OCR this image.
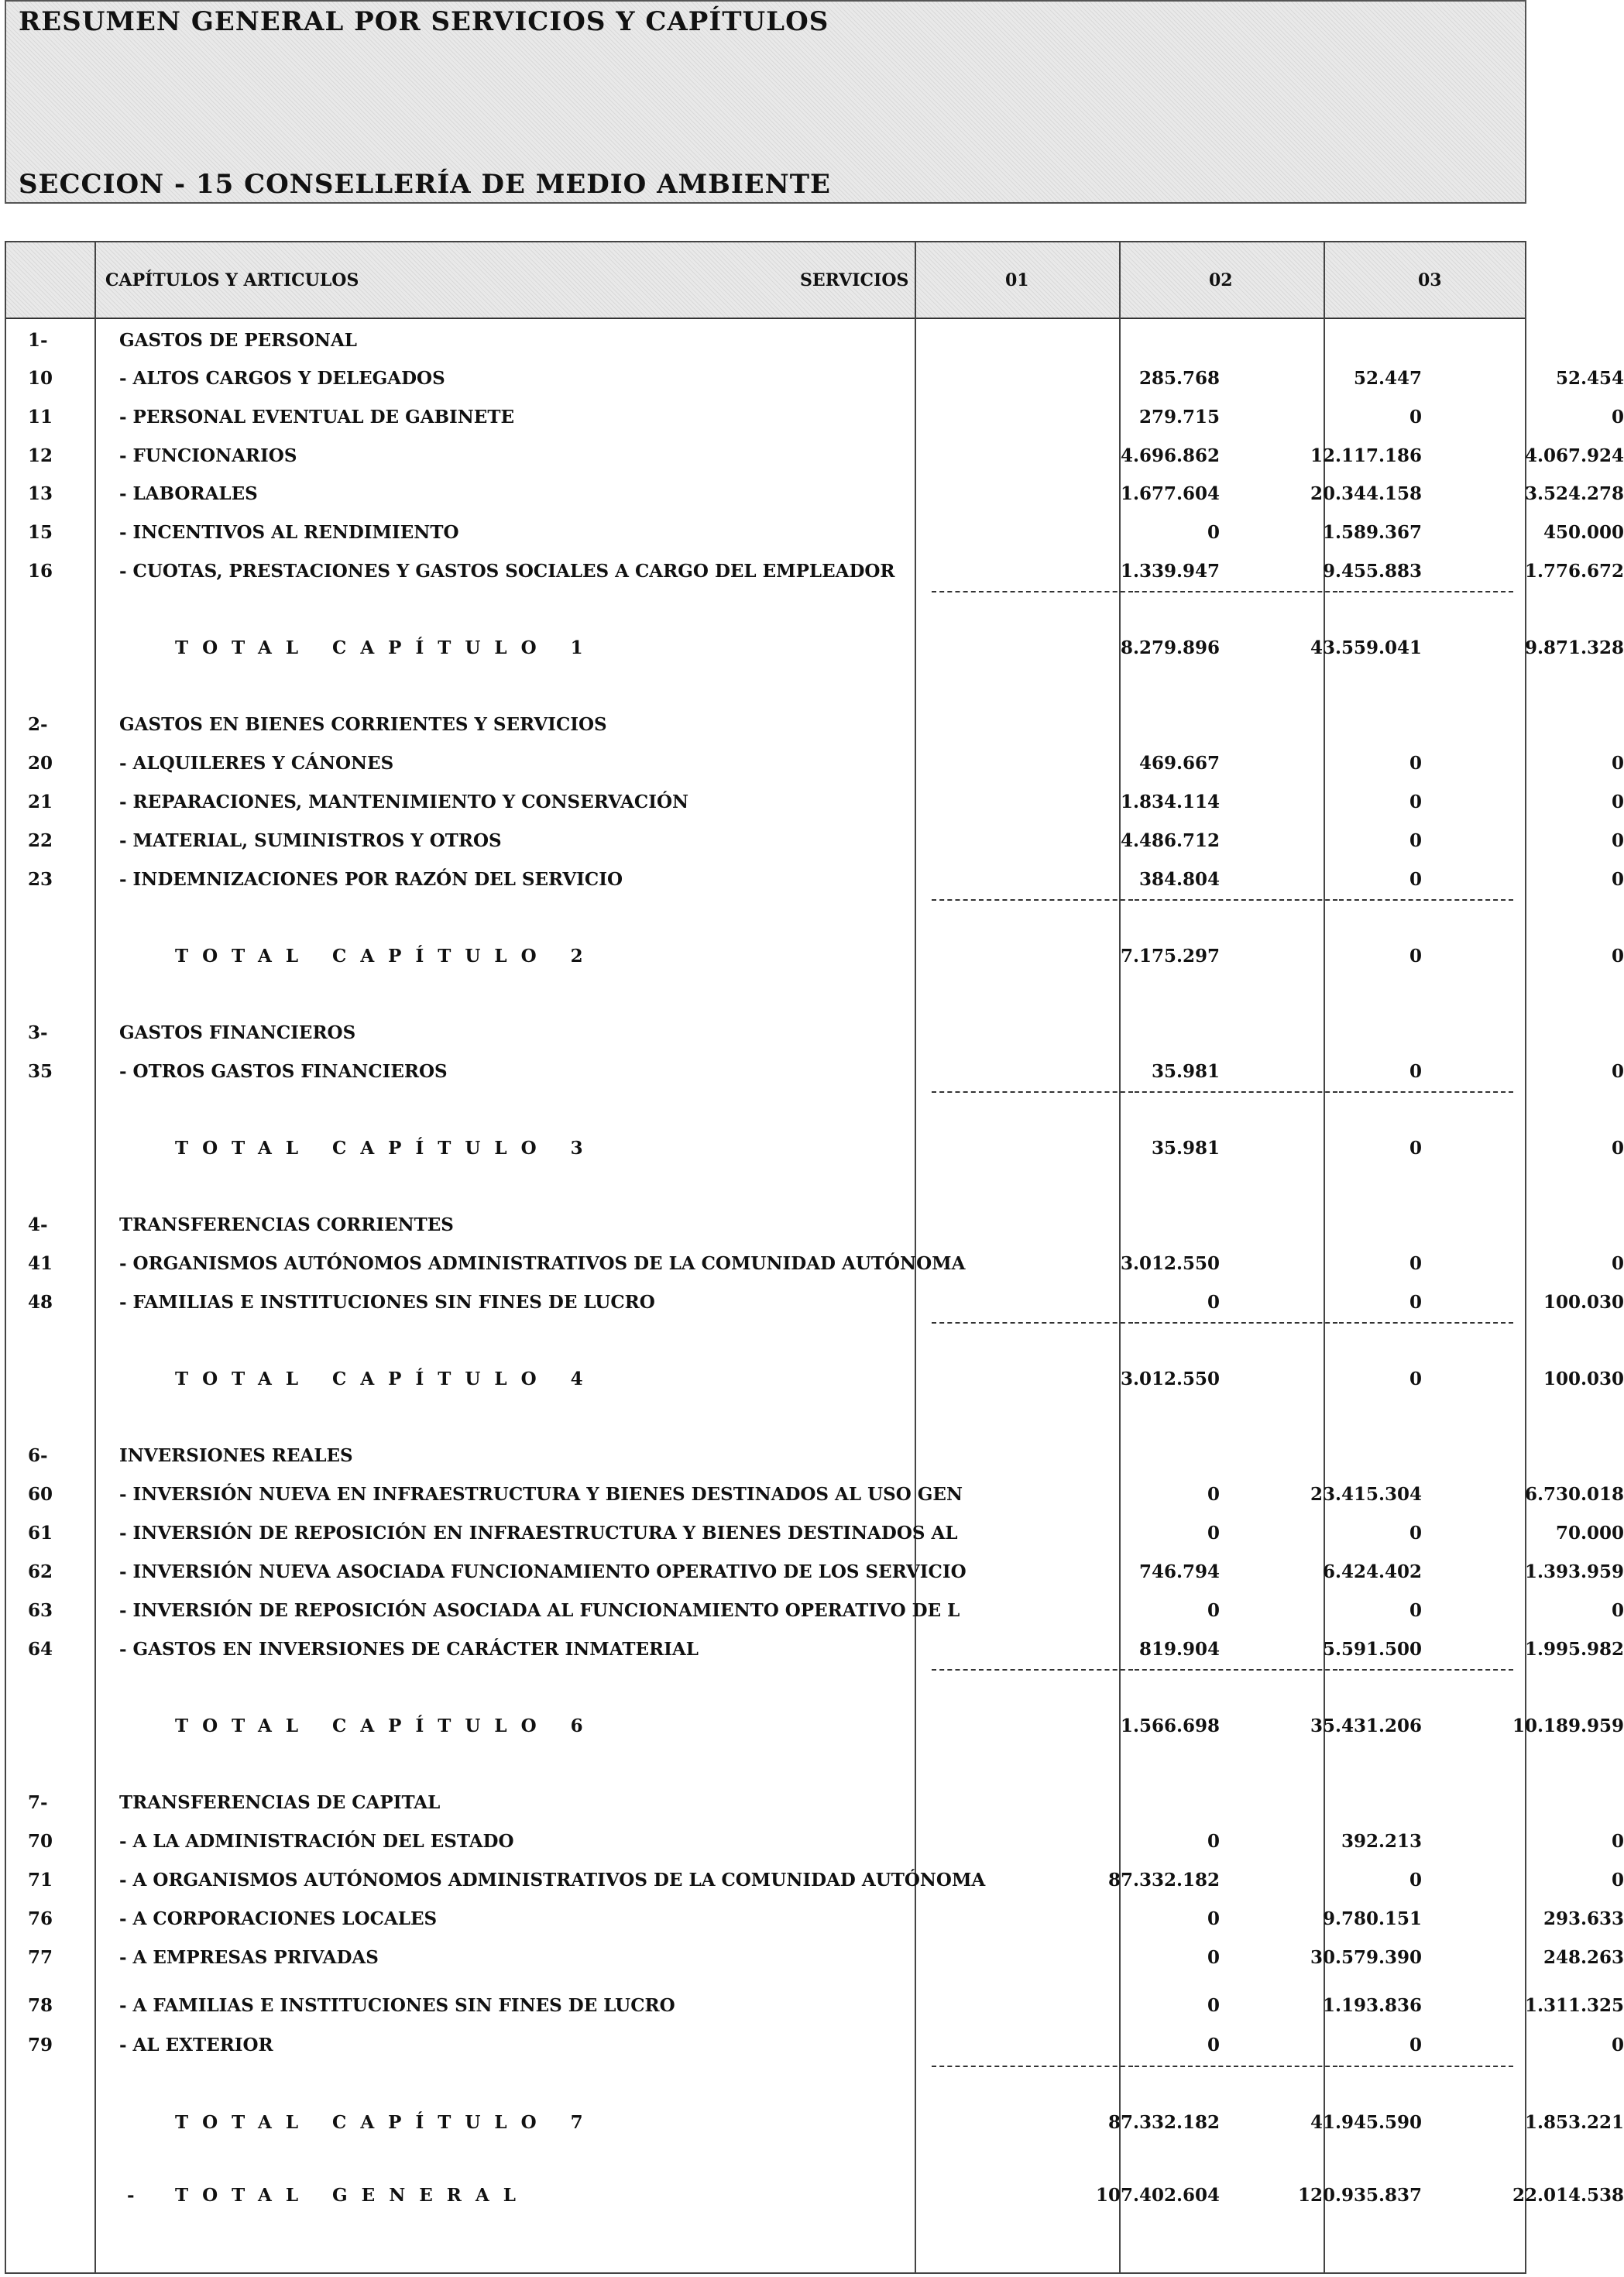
RESUMEN GENERAL POR SERVICIOS Y CAPÍTULOS
SECCION - 15 CONSELLERÍA DE MEDIO AMBIENTE
CAPÍTULOS Y ARTICULOS	SERVICIOS	01	02	03
1-	GASTOS DE PERSONAL
10	- ALTOS CARGOS Y DELEGADOS	285.768	52.447	52.454
11	- PERSONAL EVENTUAL DE GABINETE	279.715	0	0
12	- FUNCIONARIOS	4.696.862	12.117.186	4.067.924
13	- LABORALES	1.677.604	20.344.158	3.524.278
15	- INCENTIVOS AL RENDIMIENTO	0	1.589.367	450.000
16	- CUOTAS, PRESTACIONES Y GASTOS SOCIALES A CARGO DEL EMPLEADOR	1.339.947	9.455.883	1.776.672
TOTAL CAPÍTULO 1	8.279.896	43.559.041	9.871.328
2-	GASTOS EN BIENES CORRIENTES Y SERVICIOS
20	- ALQUILERES Y CÁNONES	469.667	0	0
21	- REPARACIONES, MANTENIMIENTO Y CONSERVACIÓN	1.834.114	0	0
22	- MATERIAL, SUMINISTROS Y OTROS	4.486.712	0	0
23	- INDEMNIZACIONES POR RAZÓN DEL SERVICIO	384.804	0	0
TOTAL CAPÍTULO 2	7.175.297	0	0
3-	GASTOS FINANCIEROS
35	- OTROS GASTOS FINANCIEROS	35.981	0	0
TOTAL CAPÍTULO 3	35.981	0	0
4-	TRANSFERENCIAS CORRIENTES
41	- ORGANISMOS AUTÓNOMOS ADMINISTRATIVOS DE LA COMUNIDAD AUTÓNOMA	3.012.550	0	0
48	- FAMILIAS E INSTITUCIONES SIN FINES DE LUCRO	0	0	100.030
TOTAL CAPÍTULO 4	3.012.550	0	100.030
6-	INVERSIONES REALES
60	- INVERSIÓN NUEVA EN INFRAESTRUCTURA Y BIENES DESTINADOS AL USO GEN	0	23.415.304	6.730.018
61	- INVERSIÓN DE REPOSICIÓN EN INFRAESTRUCTURA Y BIENES DESTINADOS AL	0	0	70.000
62	- INVERSIÓN NUEVA ASOCIADA FUNCIONAMIENTO OPERATIVO DE LOS SERVICIO	746.794	6.424.402	1.393.959
63	- INVERSIÓN DE REPOSICIÓN ASOCIADA AL FUNCIONAMIENTO OPERATIVO DE L	0	0	0
64	- GASTOS EN INVERSIONES DE CARÁCTER INMATERIAL	819.904	5.591.500	1.995.982
TOTAL CAPÍTULO 6	1.566.698	35.431.206	10.189.959
7-	TRANSFERENCIAS DE CAPITAL
70	- A LA ADMINISTRACIÓN DEL ESTADO	0	392.213	0
71	- A ORGANISMOS AUTÓNOMOS ADMINISTRATIVOS DE LA COMUNIDAD AUTÓNOMA	87.332.182	0	0
76	- A CORPORACIONES LOCALES	0	9.780.151	293.633
77	- A EMPRESAS PRIVADAS	0	30.579.390	248.263
78	- A FAMILIAS E INSTITUCIONES SIN FINES DE LUCRO	0	1.193.836	1.311.325
79	- AL EXTERIOR	0	0	0
TOTAL CAPÍTULO 7	87.332.182	41.945.590	1.853.221
- TOTAL GENERAL	107.402.604	120.935.837	22.014.538
